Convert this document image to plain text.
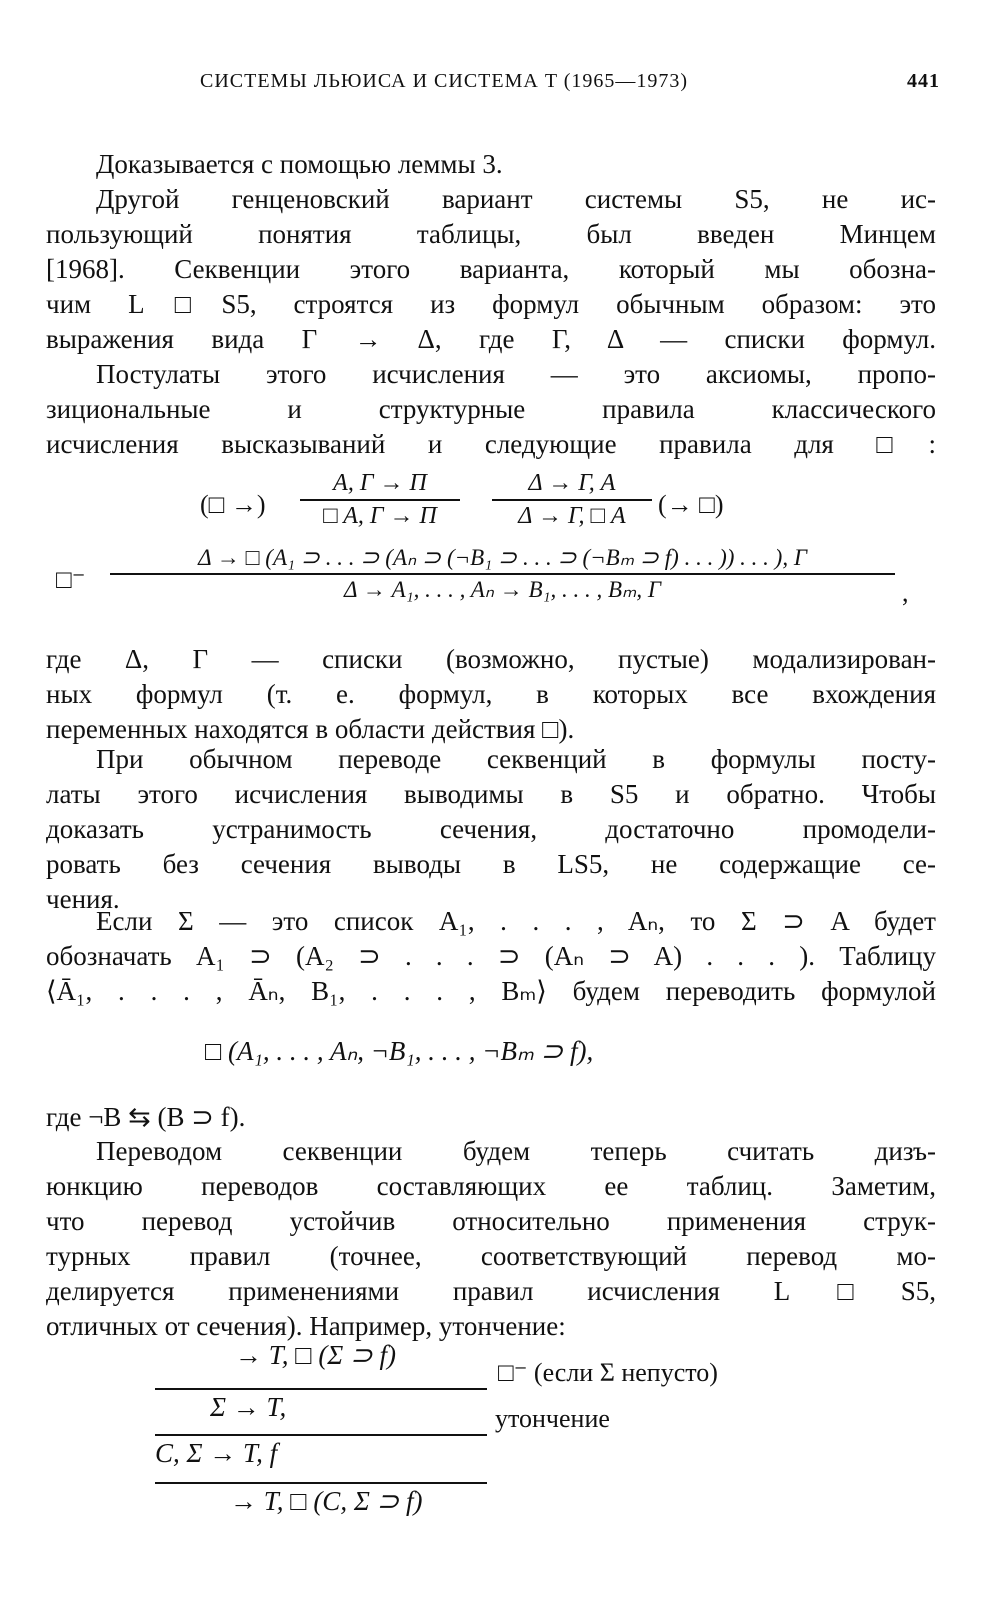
СИСТЕМЫ ЛЬЮИСА И СИСТЕМА T (1965—1973)	441
Доказывается с помощью леммы 3.
Другой генценовский вариант системы S5, не ис-
пользующий понятия таблицы, был введен Минцем
[1968]. Секвенции этого варианта, который мы обозна-
чим L□S5, строятся из формул обычным образом: это
выражения вида Γ → Δ, где Γ, Δ — списки формул.
Постулаты этого исчисления — это аксиомы, пропо-
зициональные и структурные правила классического
исчисления высказываний и следующие правила для □:
(□ →)
A, Γ → Π
□ A, Γ → Π
Δ → Γ, A
Δ → Γ, □ A	(→ □)
□⁻
Δ → □ (A₁ ⊃ . . . ⊃ (Aₙ ⊃ (¬B₁ ⊃ . . . ⊃ (¬Bₘ ⊃ f) . . . )) . . . ), Γ
Δ → A₁, . . . , Aₙ → B₁, . . . , Bₘ, Γ	,
где Δ, Γ — списки (возможно, пустые) модализирован-
ных формул (т. е. формул, в которых все вхождения
переменных находятся в области действия □).
При обычном переводе секвенций в формулы посту-
латы этого исчисления выводимы в S5 и обратно. Чтобы
доказать устранимость сечения, достаточно промодели-
ровать без сечения выводы в LS5, не содержащие се-
чения.
Если Σ — это список A₁, . . . , Aₙ, то Σ ⊃ A будет
обозначать A₁ ⊃ (A₂ ⊃ . . . ⊃ (Aₙ ⊃ A) . . . ). Таблицу
⟨Ā₁, . . . , Āₙ, B₁, . . . , Bₘ⟩ будем переводить формулой
□ (A₁, . . . , Aₙ, ¬B₁, . . . , ¬Bₘ ⊃ f),
где ¬B ⇆ (B ⊃ f).
Переводом секвенции будем теперь считать дизъ-
юнкцию переводов составляющих ее таблиц. Заметим,
что перевод устойчив относительно применения струк-
турных правил (точнее, соответствующий перевод мо-
делируется применениями правил исчисления L□S5,
отличных от сечения). Например, утончение:
→ T, □ (Σ ⊃ f)
□⁻ (если Σ непусто)
Σ → T,	утончение
C, Σ → T, f
→ T, □ (C, Σ ⊃ f)
